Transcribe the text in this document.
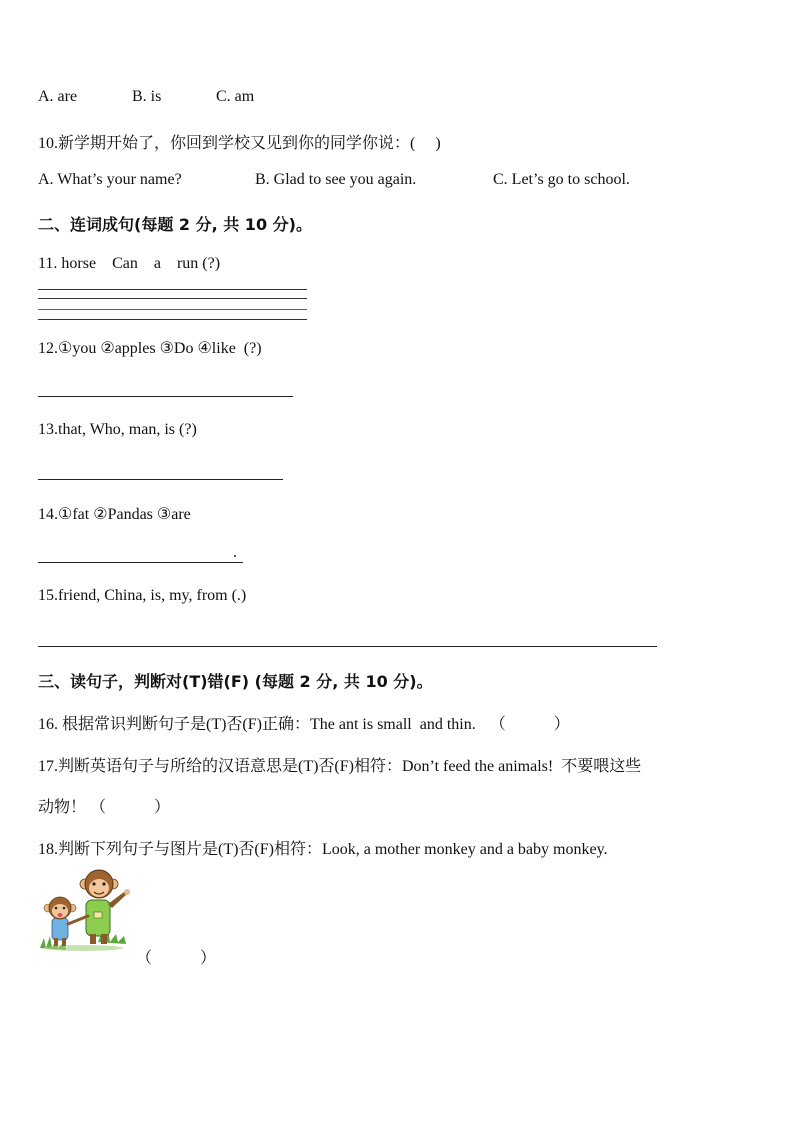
A. are	B. is	C. am
10.新学期开始了，你回到学校又见到你的同学你说：(  )
A. What’s your name?	B. Glad to see you again.	C. Let’s go to school.
二、连词成句(每题 2 分, 共 10 分)。
11. horse Can a run (?)
12.①you ②apples ③Do ④like  (?)
13.that, Who, man, is (?)
14.①fat ②Pandas ③are
.
15.friend, China, is, my, from (.)
三、读句子，判断对(T)错(F) (每题 2 分, 共 10 分)。
16. 根据常识判断句子是(T)否(F)正确：The ant is small  and thin. （   ）
17.判断英语句子与所给的汉语意思是(T)否(F)相符：Don’t feed the animals!  不要喂这些
动物！ （   ）
18.判断下列句子与图片是(T)否(F)相符：Look, a mother monkey and a baby monkey.
（   ）
